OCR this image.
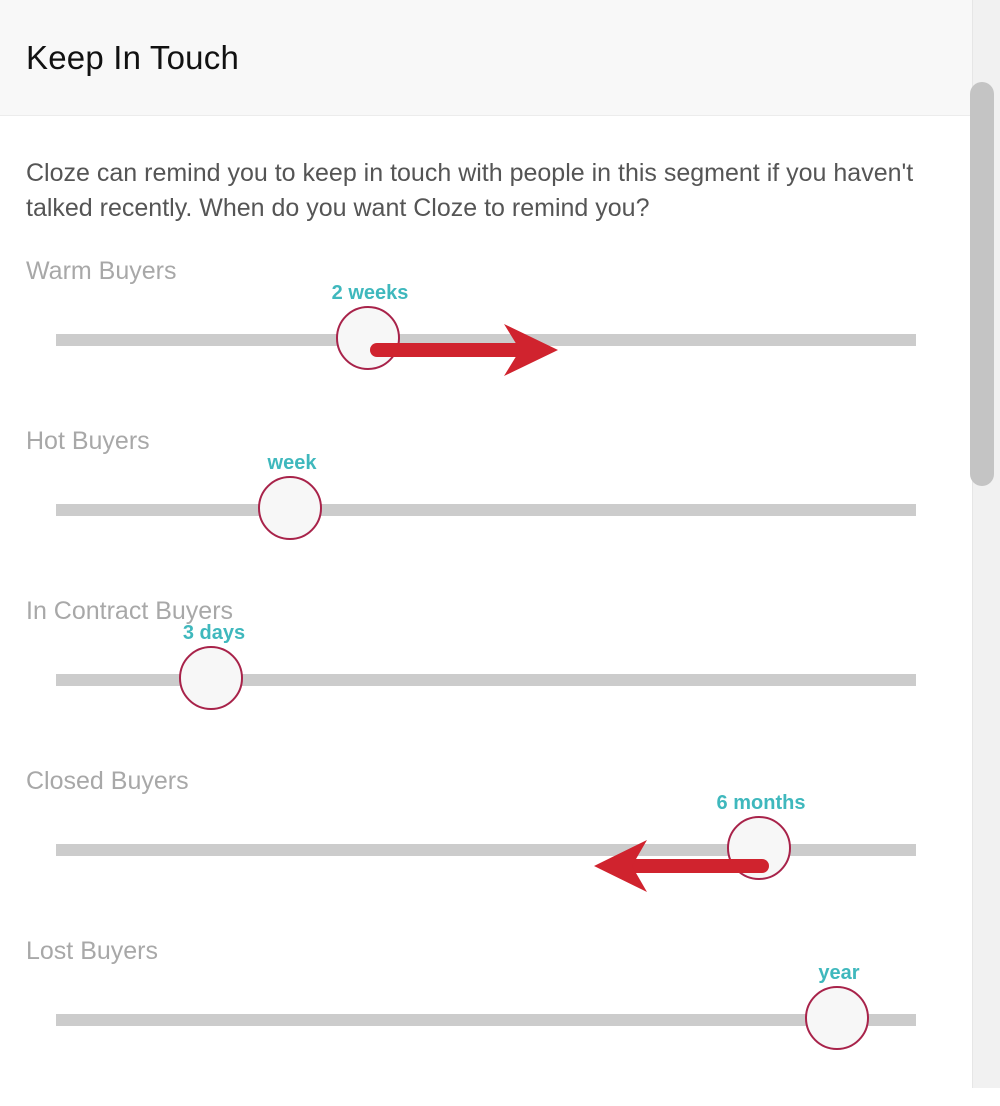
Keep In Touch
Cloze can remind you to keep in touch with people in this segment if you haven't talked recently. When do you want Cloze to remind you?
Warm Buyers
2 weeks
Hot Buyers
week
In Contract Buyers
3 days
Closed Buyers
6 months
Lost Buyers
year
